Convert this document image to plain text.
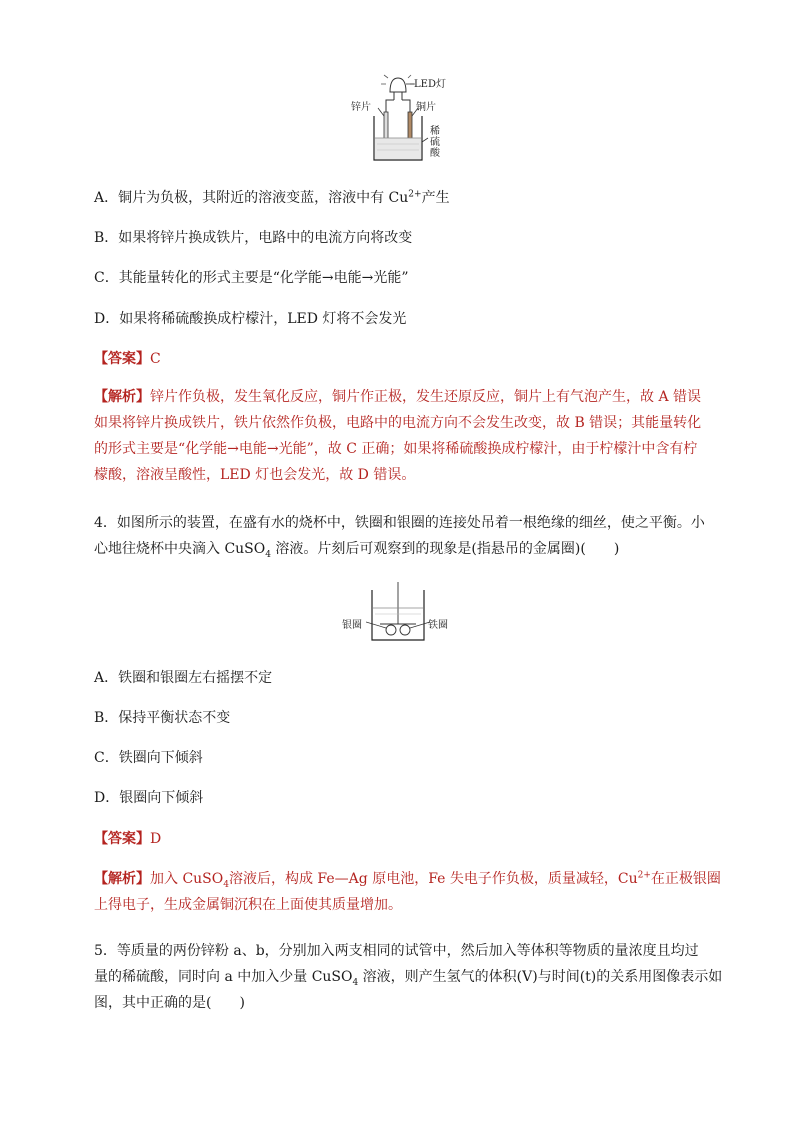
LED灯
锌片	铜片
稀
硫
酸
A．铜片为负极，其附近的溶液变蓝，溶液中有 $Cu^{2+}$产生
B．如果将锌片换成铁片，电路中的电流方向将改变
C．其能量转化的形式主要是“化学能→电能→光能”
D．如果将稀硫酸换成柠檬汁，LED 灯将不会发光
【答案】C
【解析】锌片作负极，发生氧化反应，铜片作正极，发生还原反应，铜片上有气泡产生，故 A 错误
如果将锌片换成铁片，铁片依然作负极，电路中的电流方向不会发生改变，故 B 错误；其能量转化
的形式主要是“化学能→电能→光能”，故 C 正确；如果将稀硫酸换成柠檬汁，由于柠檬汁中含有柠
檬酸，溶液呈酸性，LED 灯也会发光，故 D 错误。
4．如图所示的装置，在盛有水的烧杯中，铁圈和银圈的连接处吊着一根绝缘的细丝，使之平衡。小
心地往烧杯中央滴入 CuSO$_4$ 溶液。片刻后可观察到的现象是(指悬吊的金属圈)(　　)
银圈	铁圈
A．铁圈和银圈左右摇摆不定
B．保持平衡状态不变
C．铁圈向下倾斜
D．银圈向下倾斜
【答案】D
【解析】加入 CuSO$_4$溶液后，构成 Fe—Ag 原电池，Fe 失电子作负极，质量减轻，$Cu^{2+}$在正极银圈
上得电子，生成金属铜沉积在上面使其质量增加。
5．等质量的两份锌粉 a、b，分别加入两支相同的试管中，然后加入等体积等物质的量浓度且均过
量的稀硫酸，同时向 a 中加入少量 CuSO$_4$ 溶液，则产生氢气的体积(V)与时间(t)的关系用图像表示如
图，其中正确的是(　　)
